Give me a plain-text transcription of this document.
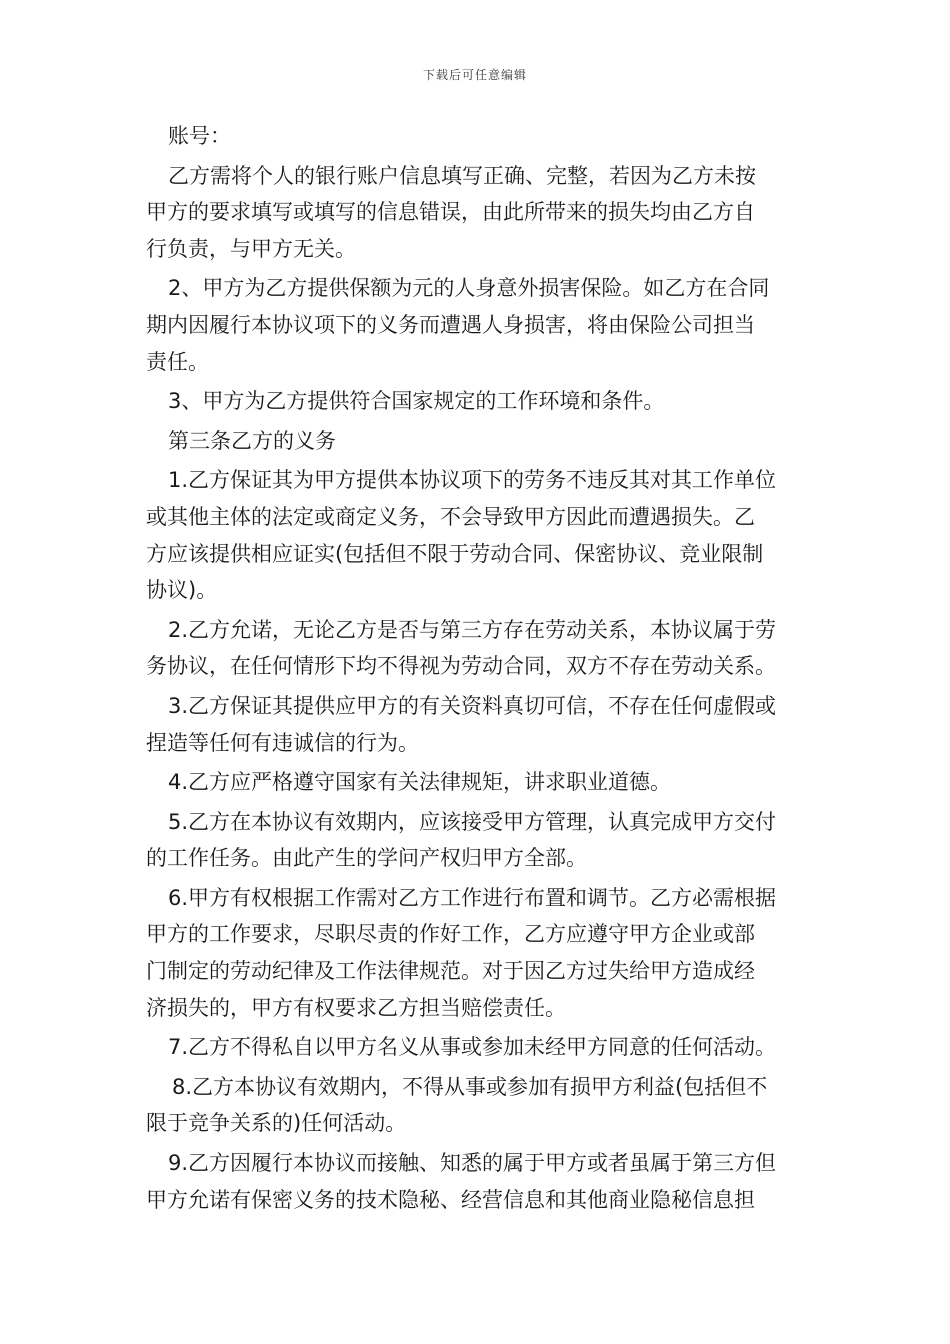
下载后可任意编辑
账号：
乙方需将个人的银行账户信息填写正确、完整，若因为乙方未按
甲方的要求填写或填写的信息错误，由此所带来的损失均由乙方自
行负责，与甲方无关。
2、甲方为乙方提供保额为元的人身意外损害保险。如乙方在合同
期内因履行本协议项下的义务而遭遇人身损害，将由保险公司担当
责任。
3、甲方为乙方提供符合国家规定的工作环境和条件。
第三条乙方的义务
1.乙方保证其为甲方提供本协议项下的劳务不违反其对其工作单位
或其他主体的法定或商定义务，不会导致甲方因此而遭遇损失。乙
方应该提供相应证实(包括但不限于劳动合同、保密协议、竞业限制
协议)。
2.乙方允诺，无论乙方是否与第三方存在劳动关系，本协议属于劳
务协议，在任何情形下均不得视为劳动合同，双方不存在劳动关系。
3.乙方保证其提供应甲方的有关资料真切可信，不存在任何虚假或
捏造等任何有违诚信的行为。
4.乙方应严格遵守国家有关法律规矩，讲求职业道德。
5.乙方在本协议有效期内，应该接受甲方管理，认真完成甲方交付
的工作任务。由此产生的学问产权归甲方全部。
6.甲方有权根据工作需对乙方工作进行布置和调节。乙方必需根据
甲方的工作要求，尽职尽责的作好工作，乙方应遵守甲方企业或部
门制定的劳动纪律及工作法律规范。对于因乙方过失给甲方造成经
济损失的，甲方有权要求乙方担当赔偿责任。
7.乙方不得私自以甲方名义从事或参加未经甲方同意的任何活动。
8.乙方本协议有效期内，不得从事或参加有损甲方利益(包括但不
限于竞争关系的)任何活动。
9.乙方因履行本协议而接触、知悉的属于甲方或者虽属于第三方但
甲方允诺有保密义务的技术隐秘、经营信息和其他商业隐秘信息担
